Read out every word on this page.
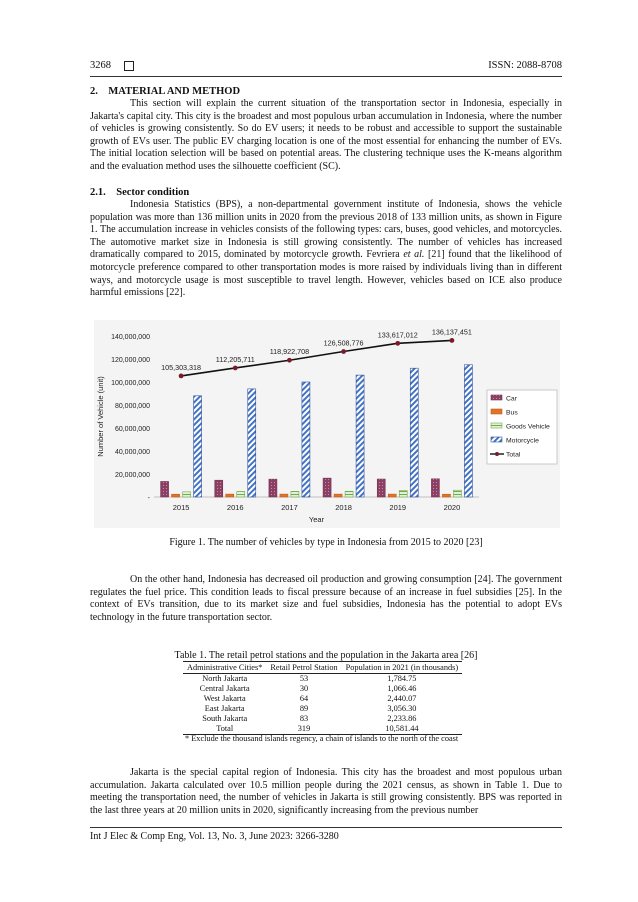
3268	ISSN: 2088-8708
2. MATERIAL AND METHOD

This section will explain the current situation of the transportation sector in Indonesia, especially in Jakarta's capital city. This city is the broadest and most populous urban accumulation in Indonesia, where the number of vehicles is growing consistently. So do EV users; it needs to be robust and accessible to support the sustainable growth of EVs user. The public EV charging location is one of the most essential for enhancing the number of EVs. The initial location selection will be based on potential areas. The clustering technique uses the K-means algorithm and the evaluation method uses the silhouette coefficient (SC).

2.1. Sector condition

Indonesia Statistics (BPS), a non-departmental government institute of Indonesia, shows the vehicle population was more than 136 million units in 2020 from the previous 2018 of 133 million units, as shown in Figure 1. The accumulation increase in vehicles consists of the following types: cars, buses, good vehicles, and motorcycles. The automotive market size in Indonesia is still growing consistently. The number of vehicles has increased dramatically compared to 2015, dominated by motorcycle growth. Fevriera et al. [21] found that the likelihood of motorcycle preference compared to other transportation modes is more raised by individuals living than in different ways, and motorcycle usage is most susceptible to travel length. However, vehicles based on ICE also produce harmful emissions [22].

-
20,000,000
40,000,000
60,000,000
80,000,000
100,000,000
120,000,000
140,000,000
2015	2016	2017	2018	2019	2020
105,303,318
112,205,711
118,922,708
126,508,776
133,617,012 136,137,451
Year
Number of Vehicle (unit)	Car
Bus
Goods Vehicle
Motorcycle
Total
Figure 1. The number of vehicles by type in Indonesia from 2015 to 2020 [23]

On the other hand, Indonesia has decreased oil production and growing consumption [24]. The government regulates the fuel price. This condition leads to fiscal pressure because of an increase in fuel subsidies [25]. In the context of EVs transition, due to its market size and fuel subsidies, Indonesia has the potential to adopt EVs technology in the future transportation sector.

Table 1. The retail petrol stations and the population in the Jakarta area [26]
Administrative Cities*	Retail Petrol Station	Population in 2021 (in thousands)
North Jakarta	53	1,784.75
Central Jakarta	30	1,066.46
West Jakarta	64	2,440.07
East Jakarta	89	3,056.30
South Jakarta	83	2,233.86
Total	319	10,581.44
* Exclude the thousand islands regency, a chain of islands to the north of the coast

Jakarta is the special capital region of Indonesia. This city has the broadest and most populous urban accumulation. Jakarta calculated over 10.5 million people during the 2021 census, as shown in Table 1. Due to meeting the transportation need, the number of vehicles in Jakarta is still growing consistently. BPS was reported in the last three years at 20 million units in 2020, significantly increasing from the previous number

Int J Elec & Comp Eng, Vol. 13, No. 3, June 2023: 3266-3280
